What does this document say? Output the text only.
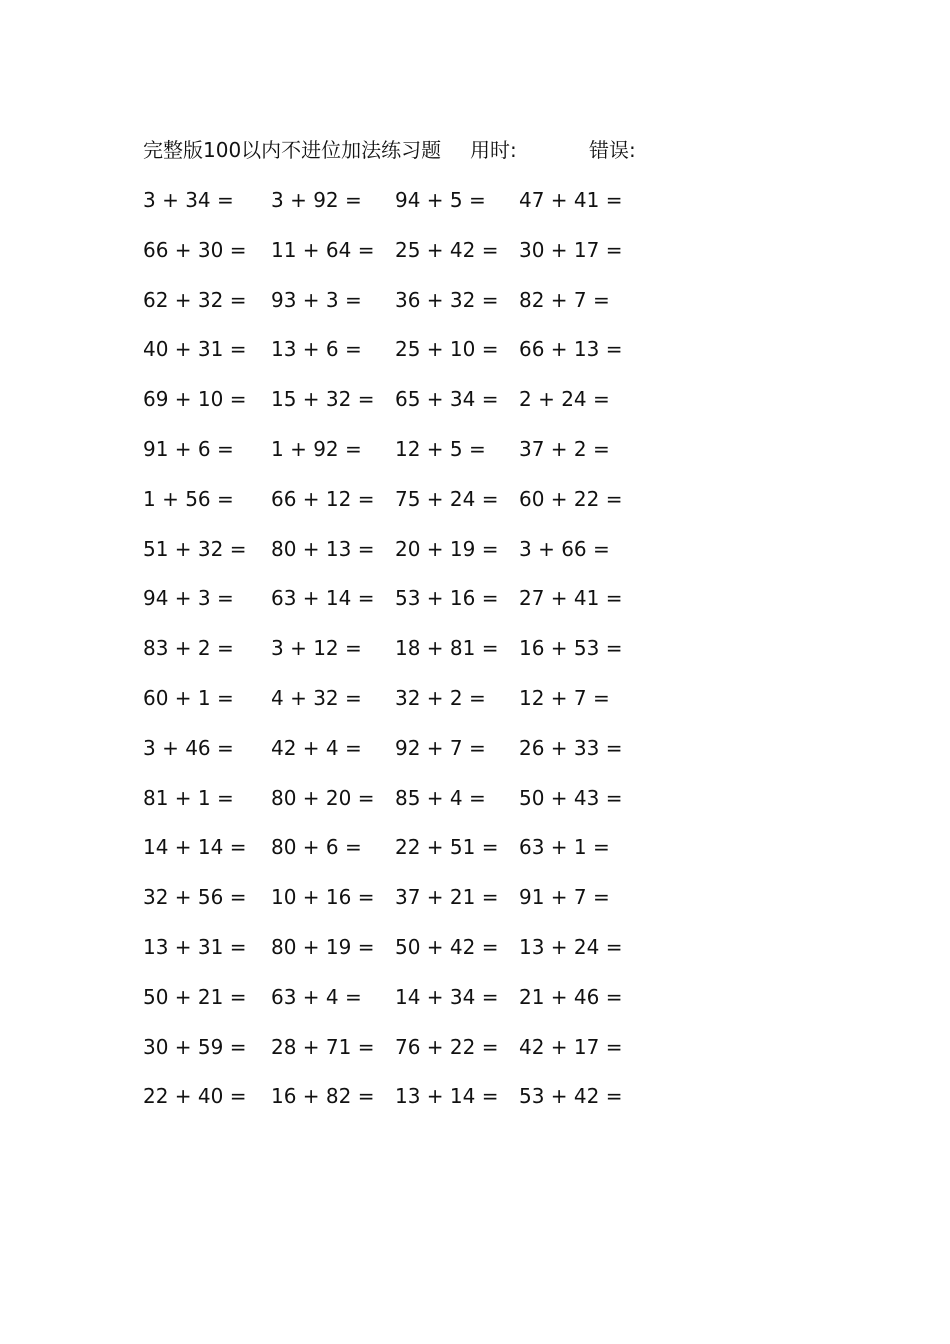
完整版100以内不进位加法练习题 用时:	错误:
3 + 34 = 3 + 92 = 94 + 5 = 47 + 41 =
66 + 30 = 11 + 64 = 25 + 42 = 30 + 17 =
62 + 32 = 93 + 3 = 36 + 32 = 82 + 7 =
40 + 31 = 13 + 6 = 25 + 10 = 66 + 13 =
69 + 10 = 15 + 32 = 65 + 34 = 2 + 24 =
91 + 6 = 1 + 92 = 12 + 5 = 37 + 2 =
1 + 56 = 66 + 12 = 75 + 24 = 60 + 22 =
51 + 32 = 80 + 13 = 20 + 19 = 3 + 66 =
94 + 3 = 63 + 14 = 53 + 16 = 27 + 41 =
83 + 2 = 3 + 12 = 18 + 81 = 16 + 53 =
60 + 1 = 4 + 32 = 32 + 2 = 12 + 7 =
3 + 46 = 42 + 4 = 92 + 7 = 26 + 33 =
81 + 1 = 80 + 20 = 85 + 4 = 50 + 43 =
14 + 14 = 80 + 6 = 22 + 51 = 63 + 1 =
32 + 56 = 10 + 16 = 37 + 21 = 91 + 7 =
13 + 31 = 80 + 19 = 50 + 42 = 13 + 24 =
50 + 21 = 63 + 4 = 14 + 34 = 21 + 46 =
30 + 59 = 28 + 71 = 76 + 22 = 42 + 17 =
22 + 40 = 16 + 82 = 13 + 14 = 53 + 42 =
